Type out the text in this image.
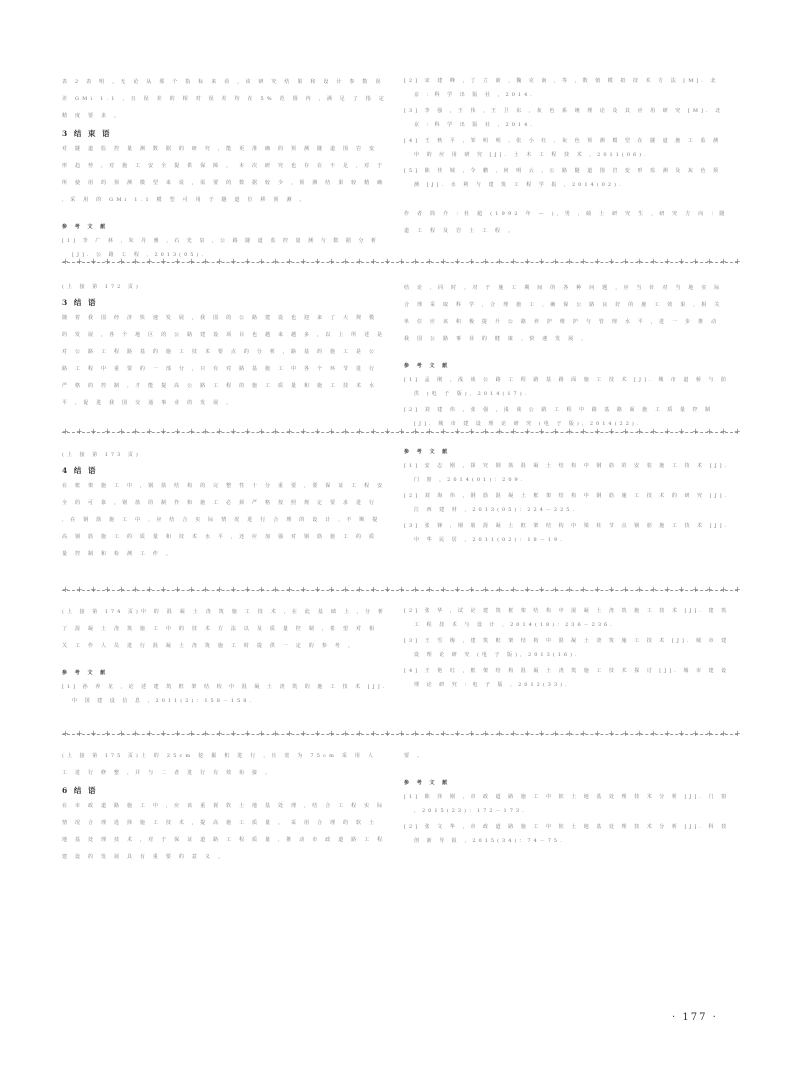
表 2 表 明 ，无 论 从 那 个 指 标 来 看 ，该 研 究 结 果 和 设 计 参 数 误 差 GMi 1.1 ，且 误 差 的 相 对 误 差 均 在 5% 范 围 内 ，满 足 了 指 定 精 度 要 求 。
3 结 束 语
对 隧 道 监 控 量 测 数 据 的 研 究 ，能 更 准 确 的 预 测 隧 道 围 岩 变 形 趋 势 ，对 施 工 安 全 提 供 保 障 。 本 次 研 究 也 存 在 不 足 ，对 于 所 使 用 的 预 测 模 型 来 说 ，需 要 的 数 据 较 少 ，预 测 结 果 较 精 确 ，采 用 的 GMi 1.1 模 型 可 用 于 隧 道 位 移 预 测 。
参 考 文 献
[1] 李 广 林 ，朱 丹 雅 ，石 光 泉 ，公 路 隧 道 监 控 量 测 与 数 据 分 析 [J]. 公 路 工 程 ，2013(05).
[2] 宋 建 峰 ，丁 立 新 ，魏 克 南 ，等 ，数 值 模 拟 技 术 方 法 [M]. 北 京 ：科 学 出 版 社 ，2014.
[3] 李 强 ，王 伟 ，王 卫 东 ，灰 色 系 统 理 论 及 其 应 用 研 究 [M]. 北 京 ：科 学 出 版 社 ，2014.
[4] 王 秋 平 ，邹 明 明 ，张 小 红 ，灰 色 预 测 模 型 在 隧 道 施 工 监 测 中 的 应 用 研 究 [J]. 土 木 工 程 技 术 ，2011(06).
[5] 陈 佳 城 ，令 鹏 ，何 明 云 ，公 路 隧 道 围 岩 变 形 监 测 及 灰 色 预 测 [J]. 水 利 与 建 筑 工 程 学 报 ，2014(02).
作 者 简 介 ：杜 超 (1992 年 — )，男 ，硕 士 研 究 生 ，研 究 方 向 ：隧 道 工 程 及 岩 土 工 程 。
+ + + + + + + + + + + + + + + + + + + + + + + + + + + + + + + + + + + + + + + + + + + + + + + + +
(上 接 第 172 页)
3 结 语
随 着 我 国 经 济 快 速 发 展 ，我 国 的 公 路 建 设 也 迎 来 了 大 规 模 的 发 展 ，各 个 地 区 的 公 路 建 设 项 目 也 越 来 越 多 ，以 上 所 述 是 对 公 路 工 程 路 基 的 施 工 技 术 要 点 的 分 析 ，路 基 的 施 工 是 公 路 工 程 中 重 要 的 一 部 分 ，只 有 对 路 基 施 工 中 各 个 环 节 进 行 严 格 的 控 制 ，才 能 提 高 公 路 工 程 的 施 工 质 量 和 施 工 技 术 水 平 ，促 进 我 国 交 通 事 业 的 发 展 。
结 论 ，同 时 ，对 于 施 工 期 间 的 各 种 问 题 ，应 当 针 对 当 地 实 际 合 理 采 取 科 学 ，合 理 施 工 ，确 保 公 路 良 好 的 施 工 效 果 ，相 关 单 位 应 该 积 极 提 升 公 路 养 护 维 护 与 管 理 水 平 ，进 一 步 推 动 我 国 公 路 事 业 的 健 康 、快 速 发 展 。
参 考 文 献
[1] 孟 刚 ，浅 谈 公 路 工 程 路 基 路 面 施 工 技 术 [J]. 城 市 道 桥 与 防 洪 (电 子 版)，2014(17).
[2] 刘 建 伟 ，张 强 ，浅 谈 公 路 工 程 中 路 基 路 面 施 工 质 量 控 制 [J]. 城 市 建 设 理 论 研 究 (电 子 版)，2014(22).
+ + + + + + + + + + + + + + + + + + + + + + + + + + + + + + + + + + + + + + + + + + + + + + + + +
(上 接 第 173 页)
4 结 语
在 框 架 施 工 中 ，钢 筋 结 构 的 完 整 性 十 分 重 要 ，要 保 证 工 程 安 全 的 可 靠 ，钢 筋 的 制 作 和 施 工 必 须 严 格 按 照 规 定 要 求 进 行 ，在 钢 筋 施 工 中 ，应 结 合 实 际 情 况 进 行 合 理 的 设 计 ，不 断 提 高 钢 筋 施 工 的 质 量 和 技 术 水 平 ，还 应 加 强 对 钢 筋 施 工 的 质 量 控 制 和 检 测 工 作 。
参 考 文 献
[1] 安 志 刚 ，探 究 钢 筋 混 凝 土 结 构 中 钢 筋 的 安 装 施 工 技 术 [J]. 门 窗 ，2014(01)：209.
[2] 刘 海 伟 ，钢 筋 混 凝 土 框 架 结 构 中 钢 筋 施 工 技 术 的 研 究 [J]. 江 西 建 材 ，2013(05)：224－225.
[3] 张 锋 ，钢 筋 混 凝 土 框 架 结 构 中 梁 柱 节 点 钢 筋 施 工 技 术 [J]. 中 华 民 居 ，2011(02)：18－19.
+ + + + + + + + + + + + + + + + + + + + + + + + + + + + + + + + + + + + + + + + + + + + + + + + +
(上 接 第 174 页)中 的 混 凝 土 浇 筑 施 工 技 术 ，在 此 基 础 上 ，分 析 了 混 凝 土 浇 筑 施 工 中 的 技 术 方 法 以 及 质 量 控 制 ，希 望 对 相 关 工 作 人 员 进 行 混 凝 土 浇 筑 施 工 时 提 供 一 定 的 参 考 。
参 考 文 献
[1] 孙 养 龙 ，论 述 建 筑 框 架 结 构 中 混 凝 土 浇 筑 的 施 工 技 术 [J]. 中 国 建 设 信 息 ，2011(2)：158－158.
[2] 张 华 ，试 论 建 筑 框 架 结 构 中 混 凝 土 浇 筑 施 工 技 术 [J]. 建 筑 工 程 技 术 与 设 计 ，2014(18)：236－236.
[3] 王 雪 梅 ，建 筑 框 架 结 构 中 混 凝 土 浇 筑 施 工 技 术 [J]. 城 市 建 设 理 论 研 究 (电 子 版)，2013(16).
[4] 王 艳 红 ，框 架 结 构 混 凝 土 浇 筑 施 工 技 术 探 讨 [J]. 城 市 建 设 理 论 研 究 ：电 子 版 ，2012(33).
+ + + + + + + + + + + + + + + + + + + + + + + + + + + + + + + + + + + + + + + + + + + + + + + + +
(上 接 第 175 页)上 的 25cm 挖 掘 机 进 行 ，且 宽 为 75cm 采 用 人 工 进 行 修 整 ，并 与 二 者 进 行 有 效 衔 接 。
6 结 语
在 市 政 道 路 施 工 中 ，应 该 重 视 软 土 地 基 处 理 ，结 合 工 程 实 际 情 况 合 理 选 择 施 工 技 术 ，提 高 施 工 质 量 。 采 用 合 理 的 软 土 地 基 处 理 技 术 ，对 于 保 证 道 路 工 程 质 量 ，推 动 市 政 道 路 工 程 建 设 的 发 展 具 有 重 要 的 意 义 。
要 。
参 考 文 献
[1] 陈 泽 刚 ，市 政 道 路 施 工 中 软 土 地 基 处 理 技 术 分 析 [J]. 门 窗 ，2015(23)：172－173.
[2] 张 文 华 ，市 政 道 路 施 工 中 软 土 地 基 处 理 技 术 分 析 [J]. 科 技 创 新 导 报 ，2015(34)：74－75.
· 177 ·
